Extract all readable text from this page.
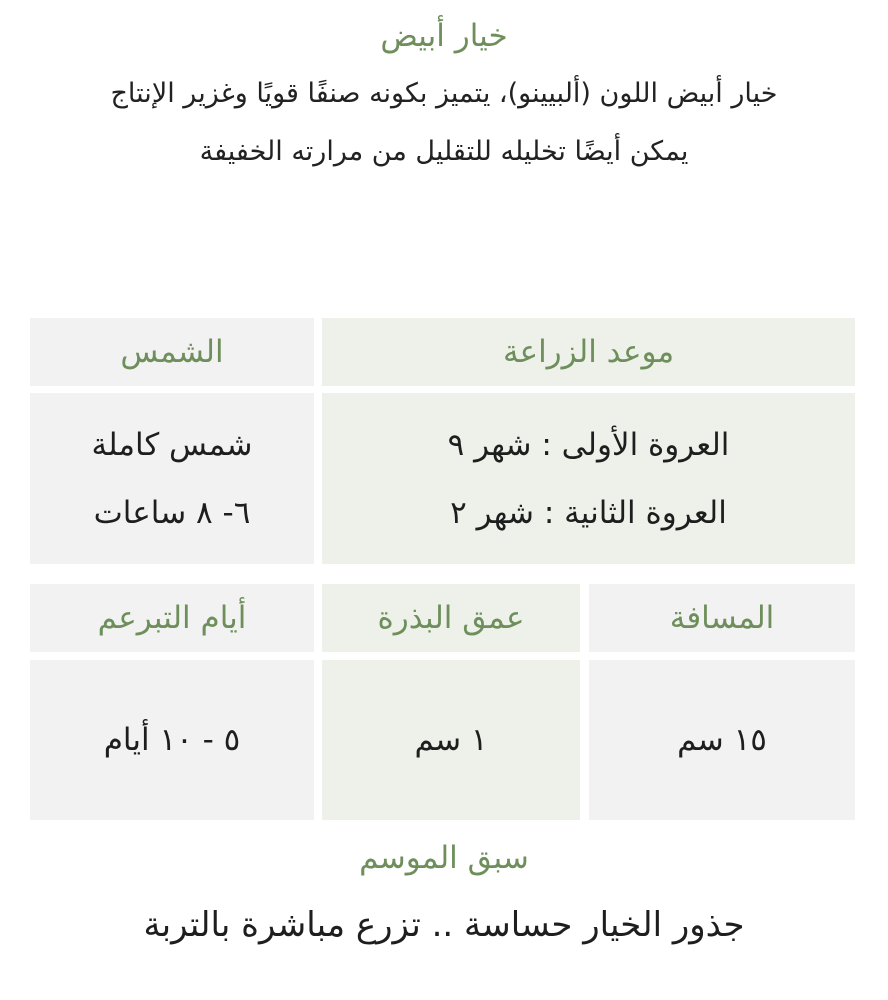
خيار أبيض
خيار أبيض اللون (ألبيينو)، يتميز بكونه صنفًا قويًا وغزير الإنتاج
يمكن أيضًا تخليله للتقليل من مرارته الخفيفة
موعد الزراعة
الشمس
العروة الأولى : شهر ٩
العروة الثانية : شهر ٢
شمس كاملة
٦- ٨ ساعات
المسافة
عمق البذرة
أيام التبرعم
١٥ سم
١ سم
٥ - ١٠ أيام
سبق الموسم
جذور الخيار حساسة .. تزرع مباشرة بالتربة
